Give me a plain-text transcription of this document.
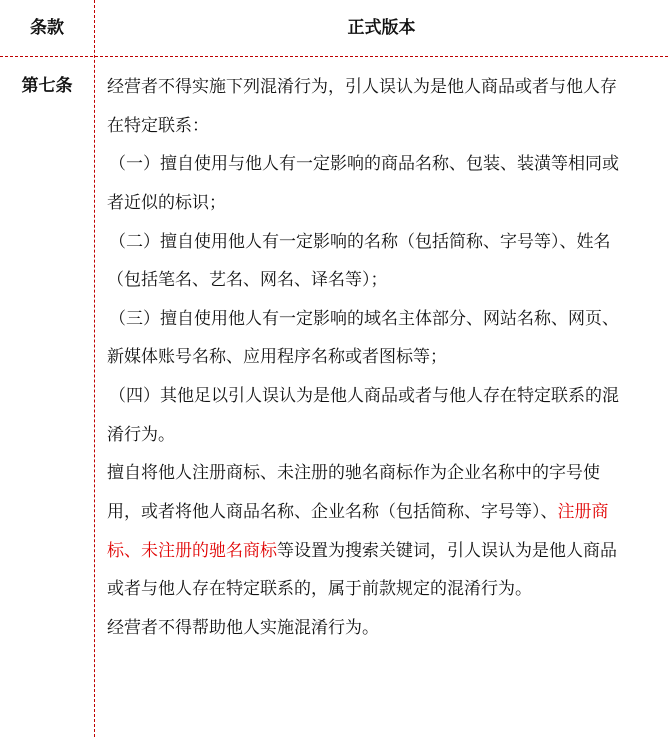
条款	正式版本
第七条	经营者不得实施下列混淆行为，引人误认为是他人商品或者与他人存
在特定联系：
（一）擅自使用与他人有一定影响的商品名称、包装、装潢等相同或
者近似的标识；
（二）擅自使用他人有一定影响的名称（包括简称、字号等）、姓名
（包括笔名、艺名、网名、译名等）；
（三）擅自使用他人有一定影响的域名主体部分、网站名称、网页、
新媒体账号名称、应用程序名称或者图标等；
（四）其他足以引人误认为是他人商品或者与他人存在特定联系的混
淆行为。
擅自将他人注册商标、未注册的驰名商标作为企业名称中的字号使
用，或者将他人商品名称、企业名称（包括简称、字号等）、注册商
标、未注册的驰名商标等设置为搜索关键词，引人误认为是他人商品
或者与他人存在特定联系的，属于前款规定的混淆行为。
经营者不得帮助他人实施混淆行为。
